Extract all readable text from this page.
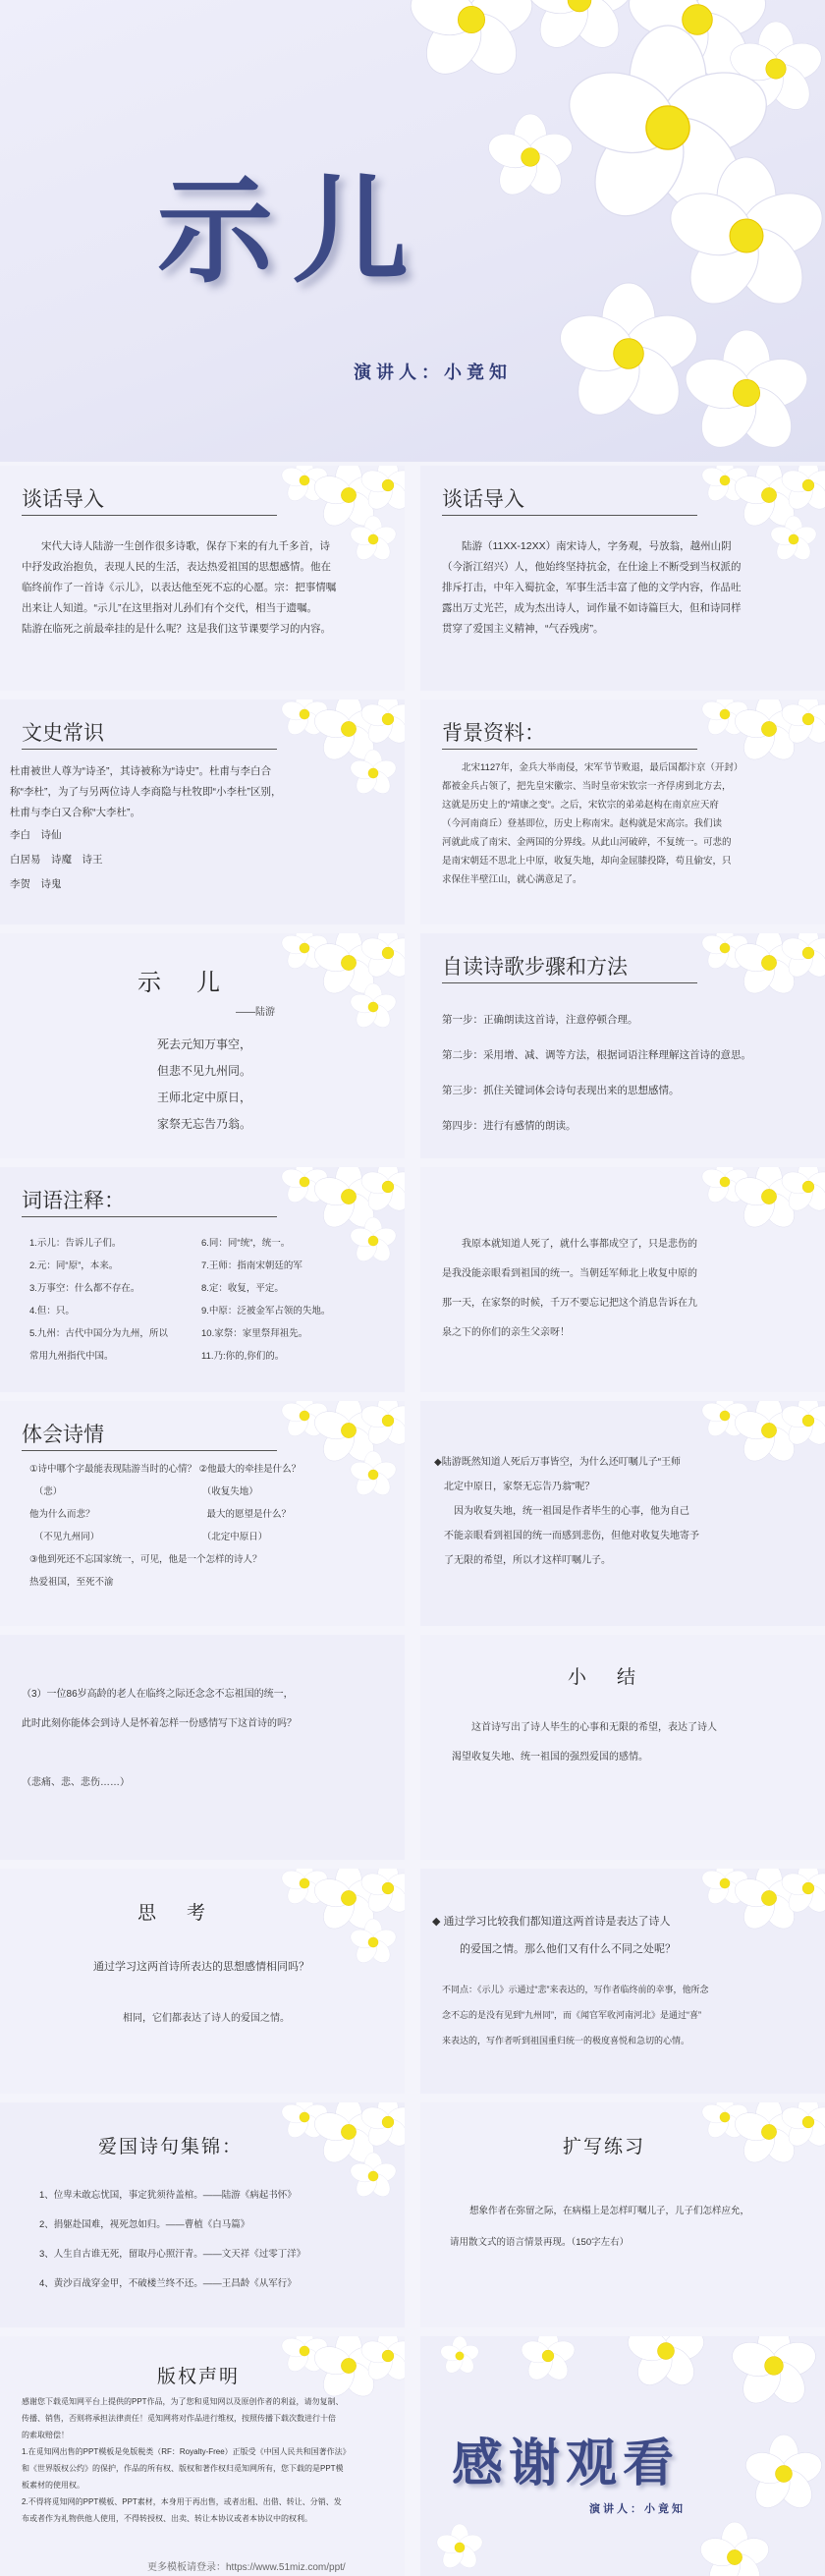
示儿
演讲人：小竟知
谈话导入
宋代大诗人陆游一生创作很多诗歌，保存下来的有九千多首，诗
中抒发政治抱负，表现人民的生活，表达热爱祖国的思想感情。他在
临终前作了一首诗《示儿》，以表达他至死不忘的心愿。宗：把事情嘱
出来让人知道。“示儿”在这里指对儿孙们有个交代，相当于遗嘱。
陆游在临死之前最牵挂的是什么呢？这是我们这节课要学习的内容。
谈话导入
陆游（11XX-12XX）南宋诗人，字务观，号放翁，越州山阴
（今浙江绍兴）人，他始终坚持抗金，在仕途上不断受到当权派的
排斥打击，中年入蜀抗金，军事生活丰富了他的文学内容，作品吐
露出万丈光芒，成为杰出诗人，词作量不如诗篇巨大，但和诗同样
贯穿了爱国主义精神，“气吞残虏”。
文史常识
杜甫被世人尊为“诗圣”，其诗被称为“诗史”。杜甫与李白合
称“李杜”，为了与另两位诗人李商隐与杜牧即“小李杜”区别，
杜甫与李白又合称“大李杜”。
李白　诗仙
白居易　诗魔　诗王
李贺　诗鬼
背景资料：
北宋1127年，金兵大举南侵，宋军节节败退，最后国都汴京（开封）
都被金兵占领了，把先皇宋徽宗、当时皇帝宋钦宗一齐俘虏到北方去，
这就是历史上的“靖康之变”。之后，宋钦宗的弟弟赵构在南京应天府
（今河南商丘）登基即位，历史上称南宋。赵构就是宋高宗。我们读
河就此成了南宋、金两国的分界线。从此山河破碎，不复统一。可悲的
是南宋朝廷不思北上中原，收复失地，却向金屈膝投降，苟且偷安，只
求保住半壁江山，就心满意足了。
示　儿
——陆游
死去元知万事空，
但悲不见九州同。
王师北定中原日，
家祭无忘告乃翁。
自读诗歌步骤和方法
第一步：正确朗读这首诗，注意停顿合理。
第二步：采用增、减、调等方法，根据词语注释理解这首诗的意思。
第三步：抓住关键词体会诗句表现出来的思想感情。
第四步：进行有感情的朗读。
词语注释：
1.示儿：告诉儿子们。
2.元：同“原”，本来。
3.万事空：什么都不存在。
4.但：只。
5.九州：古代中国分为九州，所以
常用九州指代中国。
6.同：同“统”，统一。
7.王师：指南宋朝廷的军
8.定：收复，平定。
9.中原：泛被金军占领的失地。
10.家祭：家里祭拜祖先。
11.乃:你的,你们的。
我原本就知道人死了，就什么事都成空了，只是悲伤的
是我没能亲眼看到祖国的统一。当朝廷军师北上收复中原的
那一天，在家祭的时候，千万不要忘记把这个消息告诉在九
泉之下的你们的亲生父亲呀！
体会诗情
①诗中哪个字最能表现陆游当时的心情？ ②他最大的牵挂是什么？
　（悲）　　　　　　　　　　　　　　　　（收复失地）
他为什么而悲？　　　　　　　　　　　　最大的愿望是什么？
　（不见九州同）　　　　　　　　　　　　（北定中原日）
③他到死还不忘国家统一，可见，他是一个怎样的诗人？
热爱祖国，至死不渝
◆陆游既然知道人死后万事皆空，为什么还叮嘱儿子“王师
　北定中原日，家祭无忘告乃翁”呢？
　　因为收复失地，统一祖国是作者毕生的心事，他为自己
　不能亲眼看到祖国的统一而感到悲伤，但他对收复失地寄予
　了无限的希望，所以才这样叮嘱儿子。
（3）一位86岁高龄的老人在临终之际还念念不忘祖国的统一，
此时此刻你能体会到诗人是怀着怎样一份感情写下这首诗的吗？
（悲痛、悲、悲伤……）
小　结
这首诗写出了诗人毕生的心事和无限的希望，表达了诗人
渴望收复失地、统一祖国的强烈爱国的感情。
思　考
通过学习这两首诗所表达的思想感情相同吗？
相同，它们都表达了诗人的爱国之情。
◆ 通过学习比较我们都知道这两首诗是表达了诗人
的爱国之情。那么他们又有什么不同之处呢？
不同点：《示儿》示通过“悲”来表达的，写作者临终前的幸事，他所念
念不忘的是没有见到“九州同”，而《闻官军收河南河北》是通过“喜”
来表达的，写作者听到祖国重归统一的极度喜悦和急切的心情。
爱国诗句集锦：
1、位卑未敢忘忧国，事定犹须待盖棺。——陆游《病起书怀》
2、捐躯赴国难，视死忽如归。——曹植《白马篇》
3、人生自古谁无死，留取丹心照汗青。——文天祥《过零丁洋》
4、黄沙百战穿金甲，不破楼兰终不还。——王昌龄《从军行》
扩写练习
想象作者在弥留之际，在病榻上是怎样叮嘱儿子，儿子们怎样应允，
请用散文式的语言情景再现。（150字左右）
版权声明
感谢您下载觅知网平台上提供的PPT作品，为了您和觅知网以及原创作者的利益，请勿复制、
传播、销售，否则将承担法律责任！觅知网将对作品进行维权，按照传播下载次数进行十倍
的索取赔偿！
1.在觅知网出售的PPT模板是免版税类（RF：Royalty-Free）正版受《中国人民共和国著作法》
和《世界版权公约》的保护，作品的所有权、版权和著作权归觅知网所有，您下载的是PPT模
板素材的使用权。
2.不得将觅知网的PPT模板、PPT素材，本身用于再出售，或者出租、出借、转让、分销、发
布或者作为礼物供他人使用，不得转授权、出卖、转让本协议或者本协议中的权利。
更多模板请登录：https://www.51miz.com/ppt/
感谢观看
演讲人：小竟知
